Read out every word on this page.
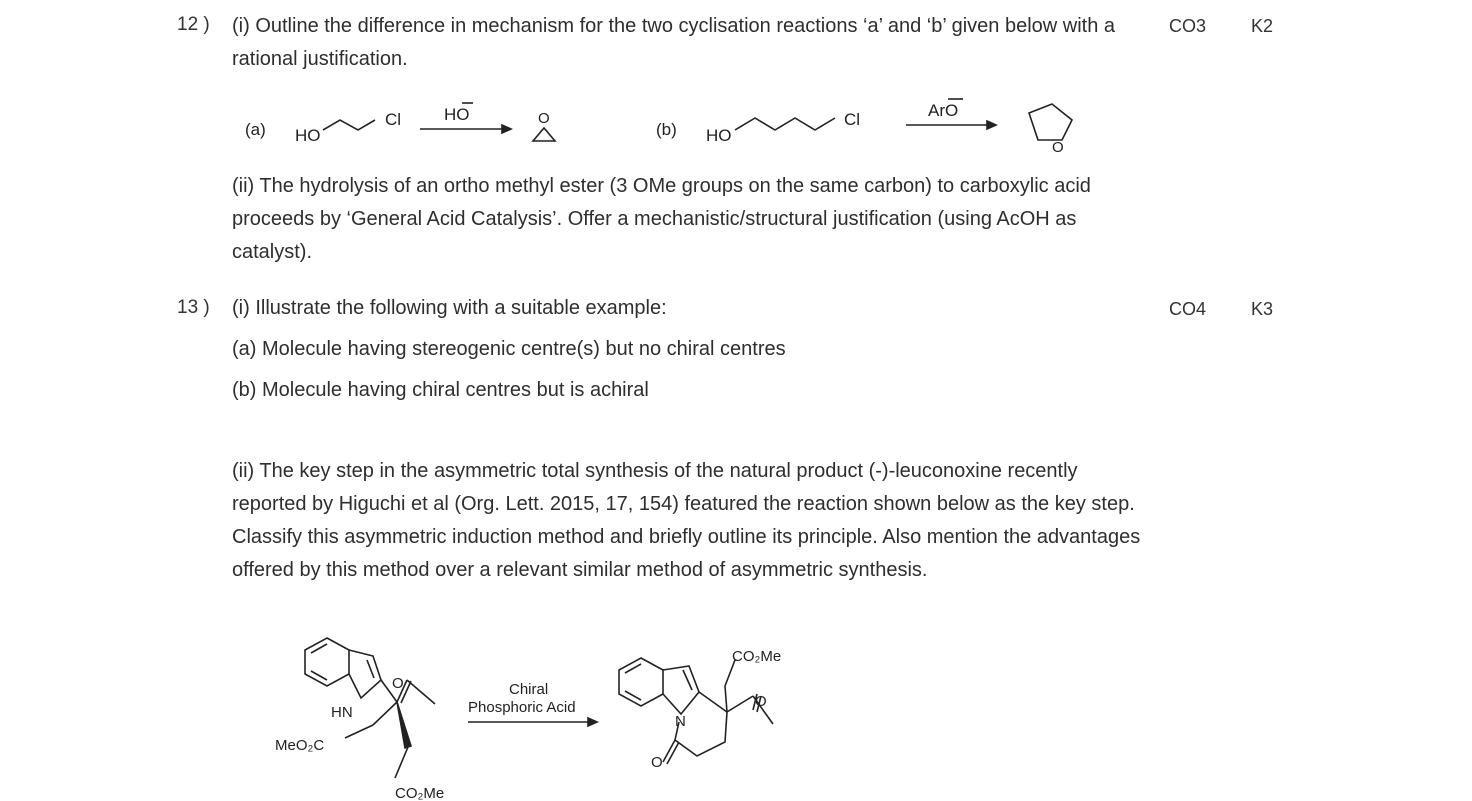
12 )	CO3 K2
(i) Outline the difference in mechanism for the two cyclisation reactions ‘a’ and ‘b’ given below with a rational justification.
(a) HO
Cl	HO	O
(b) HO
Cl	ArO
O
(ii) The hydrolysis of an ortho methyl ester (3 OMe groups on the same carbon) to carboxylic acid proceeds by ‘General Acid Catalysis’. Offer a mechanistic/structural justification (using AcOH as catalyst).
13 )	CO4 K3
(i) Illustrate the following with a suitable example:
(a) Molecule having stereogenic centre(s) but no chiral centres
(b) Molecule having chiral centres but is achiral
(ii) The key step in the asymmetric total synthesis of the natural product (-)-leuconoxine recently reported by Higuchi et al (Org. Lett. 2015, 17, 154) featured the reaction shown below as the key step. Classify this asymmetric induction method and briefly outline its principle. Also mention the advantages offered by this method over a relevant similar method of asymmetric synthesis.
HN
O
MeO₂C
CO₂Me
Chiral
Phosphoric Acid
N
O
O
CO₂Me
